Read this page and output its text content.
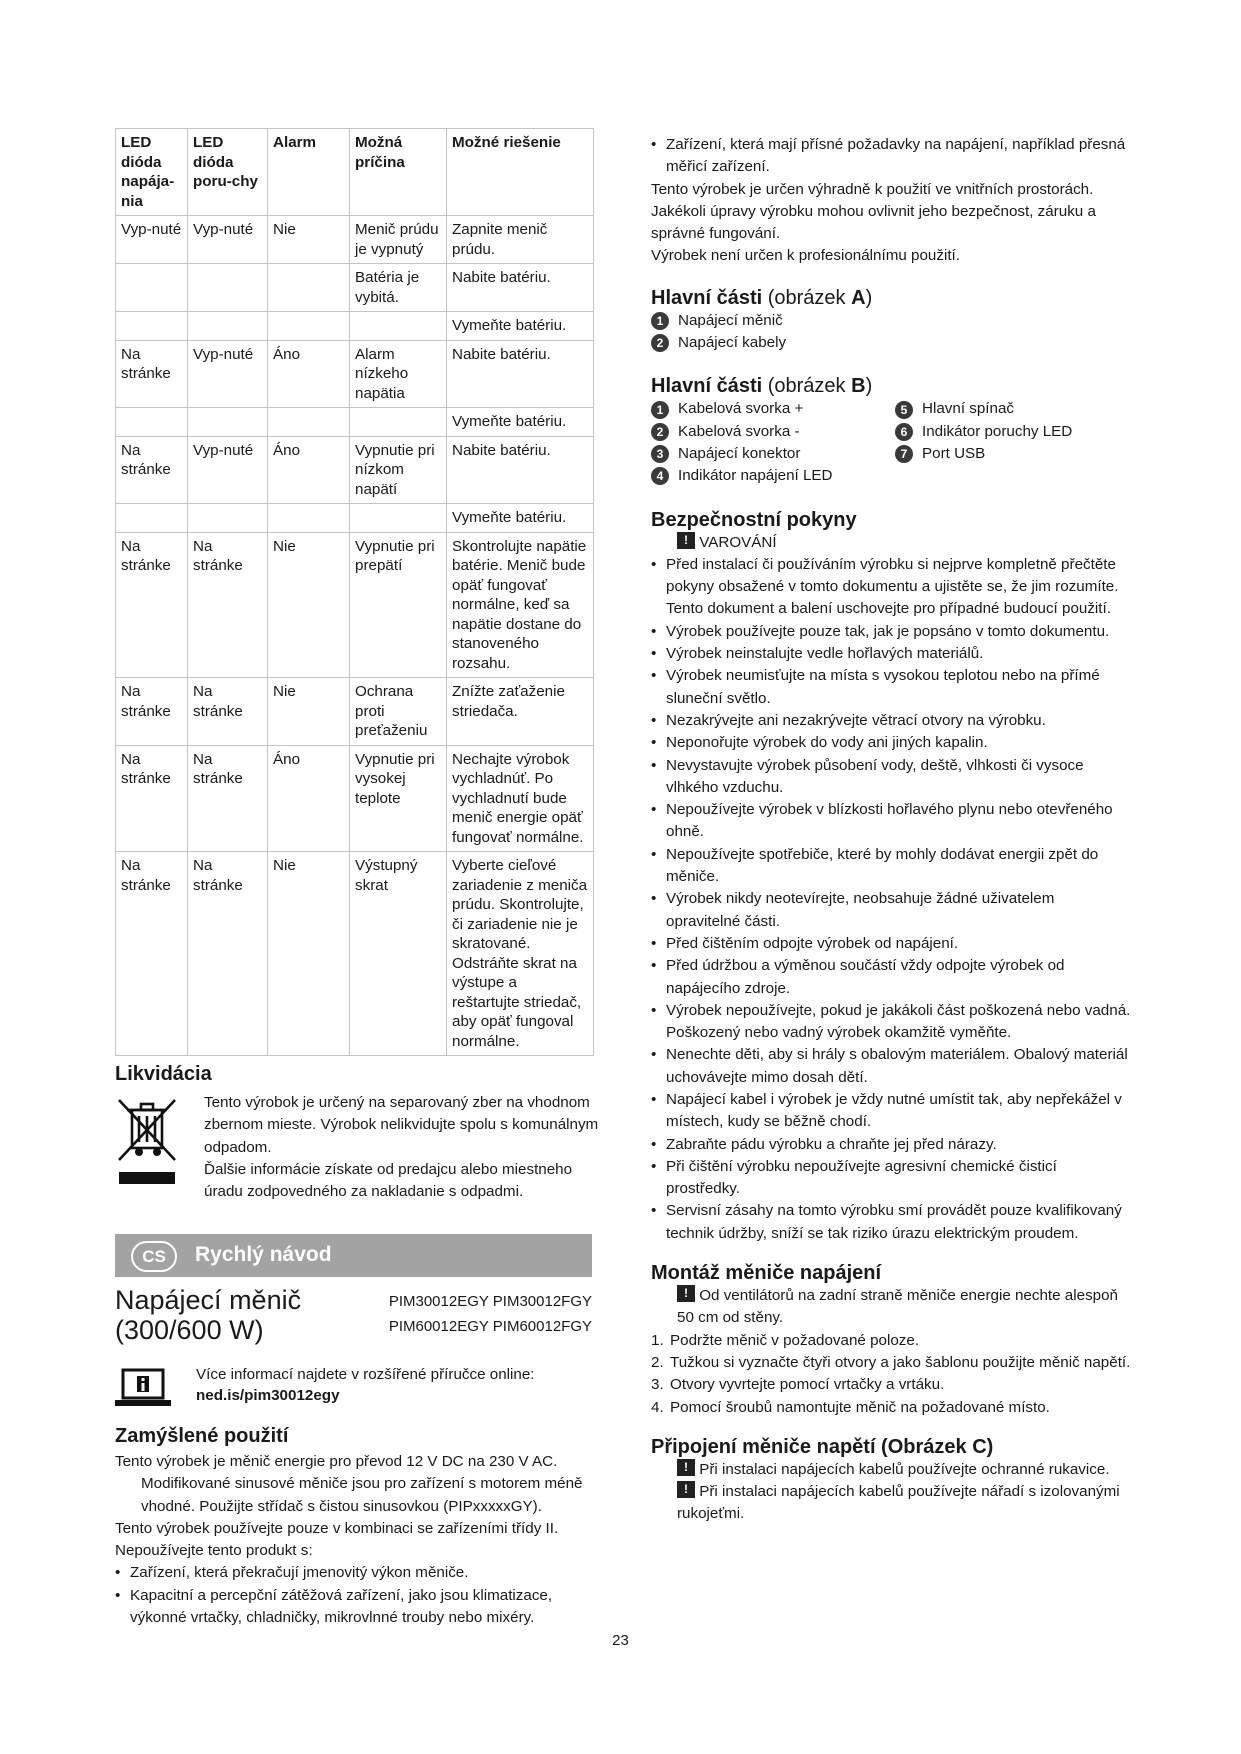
LED dióda napája-nia	LED dióda poru-chy	Alarm	Možná príčina	Možné riešenie
Vyp-nuté	Vyp-nuté	Nie	Menič prúdu je vypnutý	Zapnite menič prúdu.
			Batéria je vybitá.	Nabite batériu.
				Vymeňte batériu.
Na stránke	Vyp-nuté	Áno	Alarm nízkeho napätia	Nabite batériu.
				Vymeňte batériu.
Na stránke	Vyp-nuté	Áno	Vypnutie pri nízkom napätí	Nabite batériu.
				Vymeňte batériu.
Na stránke	Na stránke	Nie	Vypnutie pri prepätí	Skontrolujte napätie batérie. Menič bude opäť fungovať normálne, keď sa napätie dostane do stanoveného rozsahu.
Na stránke	Na stránke	Nie	Ochrana proti preťaženiu	Znížte zaťaženie striedača.
Na stránke	Na stránke	Áno	Vypnutie pri vysokej teplote	Nechajte výrobok vychladnúť. Po vychladnutí bude menič energie opäť fungovať normálne.
Na stránke	Na stránke	Nie	Výstupný skrat	Vyberte cieľové zariadenie z meniča prúdu. Skontrolujte, či zariadenie nie je skratované. Odstráňte skrat na výstupe a reštartujte striedač, aby opäť fungoval normálne.
Likvidácia
Tento výrobok je určený na separovaný zber na vhodnom zbernom mieste. Výrobok nelikvidujte spolu s komunálnym odpadom.
Ďalšie informácie získate od predajcu alebo miestneho úradu zodpovedného za nakladanie s odpadmi.
CS	Rychlý návod
Napájecí měnič (300/600 W)
PIM30012EGY PIM30012FGY
PIM60012EGY PIM60012FGY
Více informací najdete v rozšířené příručce online:
ned.is/pim30012egy
Zamýšlené použití

Tento výrobek je měnič energie pro převod 12 V DC na 230 V AC.

Modifikované sinusové měniče jsou pro zařízení s motorem méně vhodné. Použijte střídač s čistou sinusovkou (PIPxxxxxGY).

Tento výrobek používejte pouze v kombinaci se zařízeními třídy II.

Nepoužívejte tento produkt s:

• Zařízení, která překračují jmenovitý výkon měniče.
• Kapacitní a percepční zátěžová zařízení, jako jsou klimatizace, výkonné vrtačky, chladničky, mikrovlnné trouby nebo mixéry.
• Zařízení, která mají přísné požadavky na napájení, například přesná měřicí zařízení.

Tento výrobek je určen výhradně k použití ve vnitřních prostorách.

Jakékoli úpravy výrobku mohou ovlivnit jeho bezpečnost, záruku a správné fungování.

Výrobek není určen k profesionálnímu použití.

Hlavní části (obrázek A)
1 Napájecí měnič
2 Napájecí kabely
Hlavní části (obrázek B)
1 Kabelová svorka +
2 Kabelová svorka -
3 Napájecí konektor
4 Indikátor napájení LED
5 Hlavní spínač
6 Indikátor poruchy LED
7 Port USB
Bezpečnostní pokyny

! VAROVÁNÍ

• Před instalací či používáním výrobku si nejprve kompletně přečtěte pokyny obsažené v tomto dokumentu a ujistěte se, že jim rozumíte. Tento dokument a balení uschovejte pro případné budoucí použití.
• Výrobek používejte pouze tak, jak je popsáno v tomto dokumentu.
• Výrobek neinstalujte vedle hořlavých materiálů.
• Výrobek neumisťujte na místa s vysokou teplotou nebo na přímé sluneční světlo.
• Nezakrývejte ani nezakrývejte větrací otvory na výrobku.
• Neponořujte výrobek do vody ani jiných kapalin.
• Nevystavujte výrobek působení vody, deště, vlhkosti či vysoce vlhkého vzduchu.
• Nepoužívejte výrobek v blízkosti hořlavého plynu nebo otevřeného ohně.
• Nepoužívejte spotřebiče, které by mohly dodávat energii zpět do měniče.
• Výrobek nikdy neotevírejte, neobsahuje žádné uživatelem opravitelné části.
• Před čištěním odpojte výrobek od napájení.
• Před údržbou a výměnou součástí vždy odpojte výrobek od napájecího zdroje.
• Výrobek nepoužívejte, pokud je jakákoli část poškozená nebo vadná. Poškozený nebo vadný výrobek okamžitě vyměňte.
• Nenechte děti, aby si hrály s obalovým materiálem. Obalový materiál uchovávejte mimo dosah dětí.
• Napájecí kabel i výrobek je vždy nutné umístit tak, aby nepřekážel v místech, kudy se běžně chodí.
• Zabraňte pádu výrobku a chraňte jej před nárazy.
• Při čištění výrobku nepoužívejte agresivní chemické čisticí prostředky.
• Servisní zásahy na tomto výrobku smí provádět pouze kvalifikovaný technik údržby, sníží se tak riziko úrazu elektrickým proudem.
Montáž měniče napájení

! Od ventilátorů na zadní straně měniče energie nechte alespoň 50 cm od stěny.

1. Podržte měnič v požadované poloze.
2. Tužkou si vyznačte čtyři otvory a jako šablonu použijte měnič napětí.
3. Otvory vyvrtejte pomocí vrtačky a vrtáku.
4. Pomocí šroubů namontujte měnič na požadované místo.
Připojení měniče napětí (Obrázek C)

! Při instalaci napájecích kabelů používejte ochranné rukavice.

! Při instalaci napájecích kabelů používejte nářadí s izolovanými rukojeťmi.

23
